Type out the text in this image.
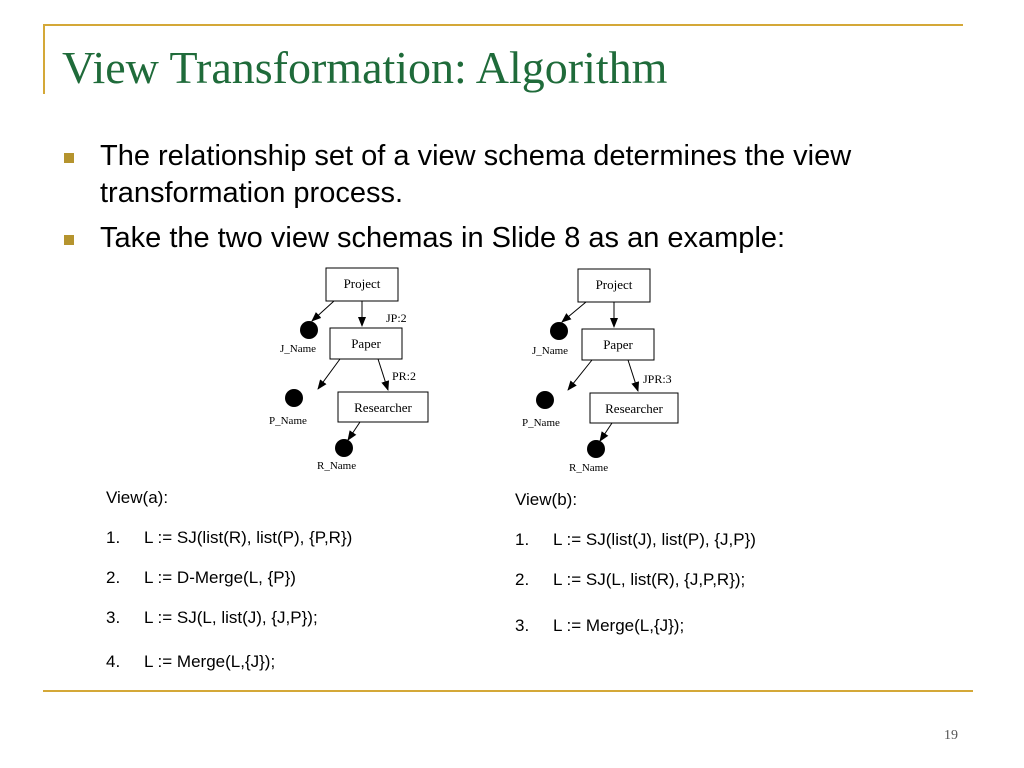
View Transformation: Algorithm
The relationship set of a view schema determines the view transformation process.
Take the two view schemas in Slide 8 as an example:
Project
Paper
Researcher
J_Name
P_Name
R_Name
JP:2
PR:2
Project
Paper
Researcher
J_Name
P_Name
R_Name
JPR:3
View(a):
1. L := SJ(list(R), list(P), {P,R})
2. L := D-Merge(L, {P})
3. L := SJ(L, list(J), {J,P});
4. L := Merge(L,{J});
View(b):
1. L := SJ(list(J), list(P), {J,P})
2. L := SJ(L, list(R), {J,P,R});
3. L := Merge(L,{J});
19
